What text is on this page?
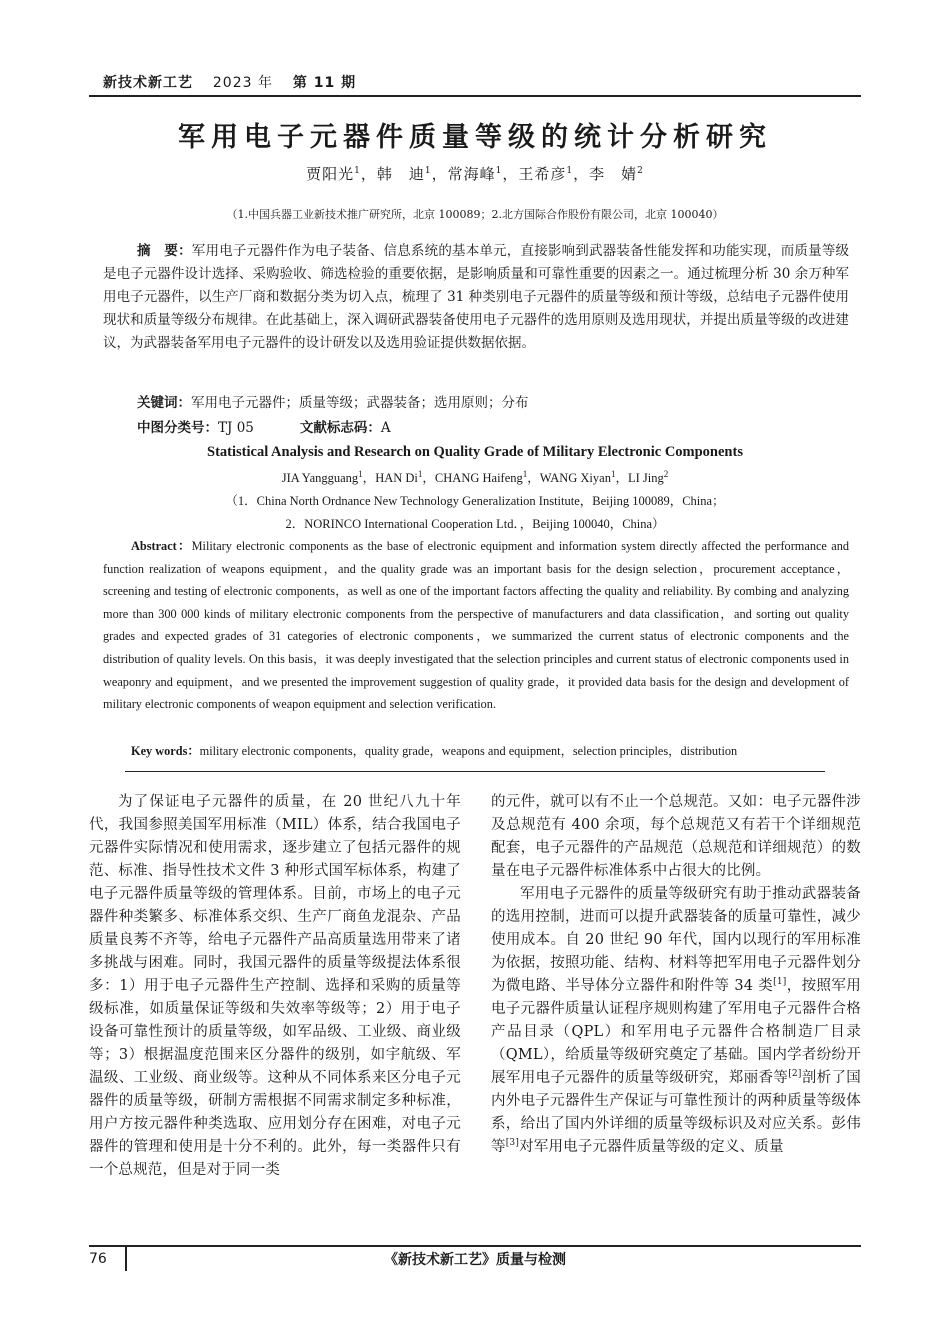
新技术新工艺 2023 年 第 11 期
军用电子元器件质量等级的统计分析研究
贾阳光$^1$，韩　迪$^1$，常海峰$^1$，王希彦$^1$，李　婧$^2$
（1.中国兵器工业新技术推广研究所，北京 100089；2.北方国际合作股份有限公司，北京 100040）
摘　要：军用电子元器件作为电子装备、信息系统的基本单元，直接影响到武器装备性能发挥和功能实现，而质量等级是电子元器件设计选择、采购验收、筛选检验的重要依据，是影响质量和可靠性重要的因素之一。通过梳理分析 30 余万种军用电子元器件，以生产厂商和数据分类为切入点，梳理了 31 种类别电子元器件的质量等级和预计等级，总结电子元器件使用现状和质量等级分布规律。在此基础上，深入调研武器装备使用电子元器件的选用原则及选用现状，并提出质量等级的改进建议，为武器装备军用电子元器件的设计研发以及选用验证提供数据依据。
关键词：军用电子元器件；质量等级；武器装备；选用原则；分布
中图分类号：TJ 05	文献标志码：A
Statistical Analysis and Research on Quality Grade of Military Electronic Components
JIA Yangguang$^1$，HAN Di$^1$，CHANG Haifeng$^1$，WANG Xiyan$^1$，LI Jing$^2$
（1．China North Ordnance New Technology Generalization Institute，Beijing 100089，China；
2．NORINCO International Cooperation Ltd．，Beijing 100040，China）
Abstract：Military electronic components as the base of electronic equipment and information system directly affected the performance and function realization of weapons equipment，and the quality grade was an important basis for the design selection，procurement acceptance，screening and testing of electronic components，as well as one of the important factors affecting the quality and reliability. By combing and analyzing more than 300 000 kinds of military electronic components from the perspective of manufacturers and data classification，and sorting out quality grades and expected grades of 31 categories of electronic components，we summarized the current status of electronic components and the distribution of quality levels. On this basis，it was deeply investigated that the selection principles and current status of electronic components used in weaponry and equipment，and we presented the improvement suggestion of quality grade，it provided data basis for the design and development of military electronic components of weapon equipment and selection verification.
Key words：military electronic components，quality grade，weapons and equipment，selection principles，distribution

为了保证电子元器件的质量，在 20 世纪八九十年代，我国参照美国军用标准（MIL）体系，结合我国电子元器件实际情况和使用需求，逐步建立了包括元器件的规范、标准、指导性技术文件 3 种形式国军标体系，构建了电子元器件质量等级的管理体系。目前，市场上的电子元器件种类繁多、标准体系交织、生产厂商鱼龙混杂、产品质量良莠不齐等，给电子元器件产品高质量选用带来了诸多挑战与困难。同时，我国元器件的质量等级提法体系很多：1）用于电子元器件生产控制、选择和采购的质量等级标准，如质量保证等级和失效率等级等；2）用于电子设备可靠性预计的质量等级，如军品级、工业级、商业级等；3）根据温度范围来区分器件的级别，如宇航级、军温级、工业级、商业级等。这种从不同体系来区分电子元器件的质量等级，研制方需根据不同需求制定多种标准，用户方按元器件种类选取、应用划分存在困难，对电子元器件的管理和使用是十分不利的。此外，每一类器件只有一个总规范，但是对于同一类

的元件，就可以有不止一个总规范。又如：电子元器件涉及总规范有 400 余项，每个总规范又有若干个详细规范配套，电子元器件的产品规范（总规范和详细规范）的数量在电子元器件标准体系中占很大的比例。

军用电子元器件的质量等级研究有助于推动武器装备的选用控制，进而可以提升武器装备的质量可靠性，减少使用成本。自 20 世纪 90 年代，国内以现行的军用标准为依据，按照功能、结构、材料等把军用电子元器件划分为微电路、半导体分立器件和附件等 34 类[1]，按照军用电子元器件质量认证程序规则构建了军用电子元器件合格产品目录（QPL）和军用电子元器件合格制造厂目录（QML），给质量等级研究奠定了基础。国内学者纷纷开展军用电子元器件的质量等级研究，郑丽香等[2]剖析了国内外电子元器件生产保证与可靠性预计的两种质量等级体系，给出了国内外详细的质量等级标识及对应关系。彭伟等[3]对军用电子元器件质量等级的定义、质量

76	《新技术新工艺》质量与检测
